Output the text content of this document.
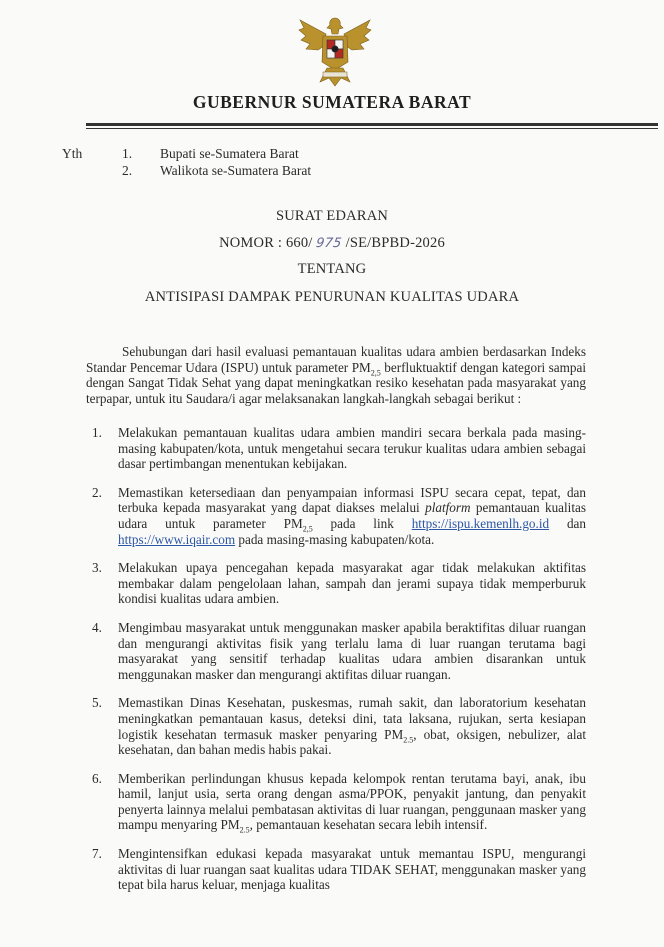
GUBERNUR SUMATERA BARAT
Yth	1. Bupati se-Sumatera Barat
2. Walikota se-Sumatera Barat
SURAT EDARAN
NOMOR : 660/ 975 /SE/BPBD-2026
TENTANG
ANTISIPASI DAMPAK PENURUNAN KUALITAS UDARA
Sehubungan dari hasil evaluasi pemantauan kualitas udara ambien berdasarkan Indeks Standar Pencemar Udara (ISPU) untuk parameter $PM_{2,5}$ berfluktuaktif dengan kategori sampai dengan Sangat Tidak Sehat yang dapat meningkatkan resiko kesehatan pada masyarakat yang terpapar, untuk itu Saudara/i agar melaksanakan langkah-langkah sebagai berikut :
1. Melakukan pemantauan kualitas udara ambien mandiri secara berkala pada masing-masing kabupaten/kota, untuk mengetahui secara terukur kualitas udara ambien sebagai dasar pertimbangan menentukan kebijakan.
2. Memastikan ketersediaan dan penyampaian informasi ISPU secara cepat, tepat, dan terbuka kepada masyarakat yang dapat diakses melalui platform pemantauan kualitas udara untuk parameter $PM_{2,5}$ pada link https://ispu.kemenlh.go.id dan https://www.iqair.com pada masing-masing kabupaten/kota.
3. Melakukan upaya pencegahan kepada masyarakat agar tidak melakukan aktifitas membakar dalam pengelolaan lahan, sampah dan jerami supaya tidak memperburuk kondisi kualitas udara ambien.
4. Mengimbau masyarakat untuk menggunakan masker apabila beraktifitas diluar ruangan dan mengurangi aktivitas fisik yang terlalu lama di luar ruangan terutama bagi masyarakat yang sensitif terhadap kualitas udara ambien disarankan untuk menggunakan masker dan mengurangi aktifitas diluar ruangan.
5. Memastikan Dinas Kesehatan, puskesmas, rumah sakit, dan laboratorium kesehatan meningkatkan pemantauan kasus, deteksi dini, tata laksana, rujukan, serta kesiapan logistik kesehatan termasuk masker penyaring $PM_{2.5}$, obat, oksigen, nebulizer, alat kesehatan, dan bahan medis habis pakai.
6. Memberikan perlindungan khusus kepada kelompok rentan terutama bayi, anak, ibu hamil, lanjut usia, serta orang dengan asma/PPOK, penyakit jantung, dan penyakit penyerta lainnya melalui pembatasan aktivitas di luar ruangan, penggunaan masker yang mampu menyaring $PM_{2.5}$, pemantauan kesehatan secara lebih intensif.
7. Mengintensifkan edukasi kepada masyarakat untuk memantau ISPU, mengurangi aktivitas di luar ruangan saat kualitas udara TIDAK SEHAT, menggunakan masker yang tepat bila harus keluar, menjaga kualitas
